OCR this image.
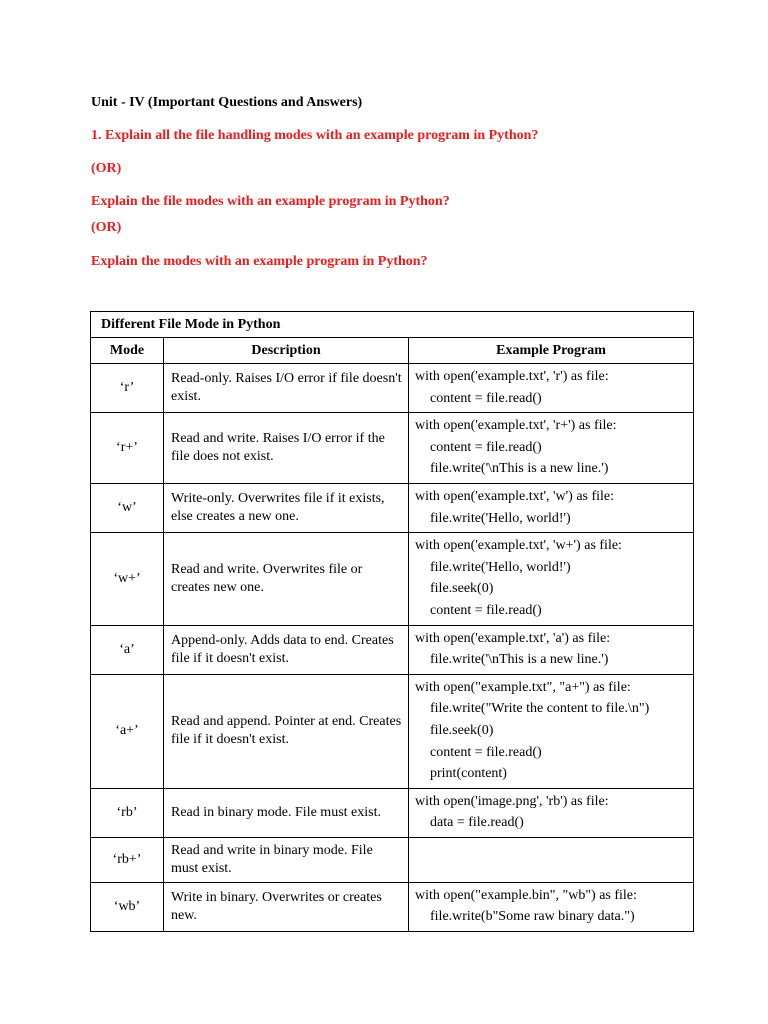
Unit - IV (Important Questions and Answers)
1. Explain all the file handling modes with an example program in Python?
(OR)
Explain the file modes with an example program in Python?
(OR)
Explain the modes with an example program in Python?
Different File Mode in Python		
Mode	Description	Example Program
‘r’	Read-only. Raises I/O error if file doesn't exist.	with open('example.txt', 'r') as file:
content = file.read()

‘r+’	Read and write. Raises I/O error if the file does not exist.	with open('example.txt', 'r+') as file:
content = file.read()
file.write('\nThis is a new line.')

‘w’	Write-only. Overwrites file if it exists, else creates a new one.	with open('example.txt', 'w') as file:
file.write('Hello, world!')

‘w+’	Read and write. Overwrites file or creates new one.	with open('example.txt', 'w+') as file:
file.write('Hello, world!')
file.seek(0)
content = file.read()

‘a’	Append-only. Adds data to end. Creates file if it doesn't exist.	with open('example.txt', 'a') as file:
file.write('\nThis is a new line.')

‘a+’	Read and append. Pointer at end. Creates file if it doesn't exist.	with open("example.txt", "a+") as file:
file.write("Write the content to file.\n")
file.seek(0)
content = file.read()
print(content)

‘rb’	Read in binary mode. File must exist.	with open('image.png', 'rb') as file:
data = file.read()

‘rb+’	Read and write in binary mode. File must exist.	
‘wb’	Write in binary. Overwrites or creates new.	with open("example.bin", "wb") as file:
file.write(b"Some raw binary data.")
